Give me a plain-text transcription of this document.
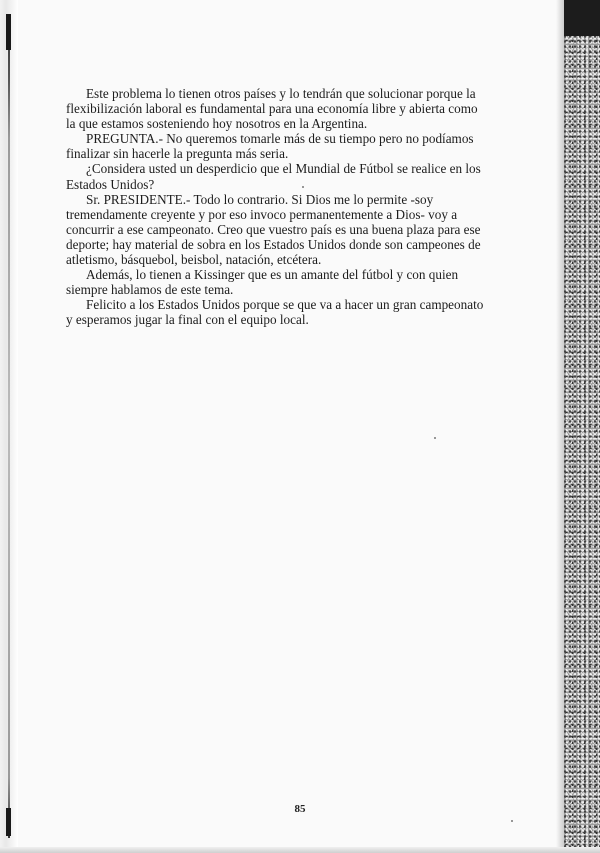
Este problema lo tienen otros países y lo tendrán que solucionar porque la flexibilización laboral es fundamental para una economía libre y abierta como la que estamos sosteniendo hoy nosotros en la Argentina.

PREGUNTA.- No queremos tomarle más de su tiempo pero no podíamos finalizar sin hacerle la pregunta más seria.

¿Considera usted un desperdicio que el Mundial de Fútbol se realice en los Estados Unidos?

Sr. PRESIDENTE.- Todo lo contrario. Si Dios me lo permite -soy tremendamente creyente y por eso invoco permanentemente a Dios- voy a concurrir a ese campeonato. Creo que vuestro país es una buena plaza para ese deporte; hay material de sobra en los Estados Unidos donde son campeones de atletismo, básquebol, beisbol, natación, etcétera.

Además, lo tienen a Kissinger que es un amante del fútbol y con quien siempre hablamos de este tema.

Felicito a los Estados Unidos porque se que va a hacer un gran campeonato y esperamos jugar la final con el equipo local.

85
